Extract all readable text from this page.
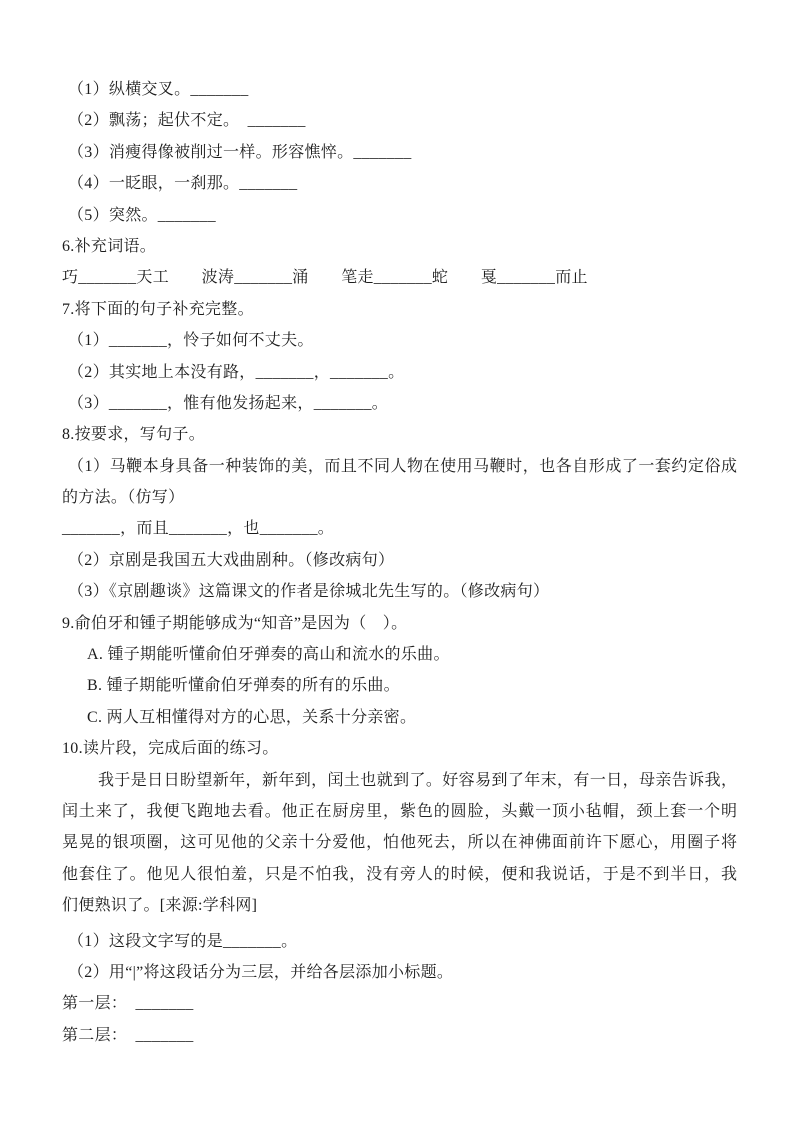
（1）纵横交叉。_______
（2）飘荡；起伏不定。　_______
（3）消瘦得像被削过一样。形容憔悴。_______
（4）一眨眼，一刹那。_______
（5）突然。_______
6.补充词语。
巧_______天工　　波涛_______涌　　笔走_______蛇　　戛_______而止
7.将下面的句子补充完整。
（1）_______，怜子如何不丈夫。
（2）其实地上本没有路，_______，_______。
（3）_______，惟有他发扬起来，_______。
8.按要求，写句子。
（1）马鞭本身具备一种装饰的美，而且不同人物在使用马鞭时，也各自形成了一套约定俗成
的方法。（仿写）
_______，而且_______，也_______。
（2）京剧是我国五大戏曲剧种。（修改病句）
（3）《京剧趣谈》这篇课文的作者是徐城北先生写的。（修改病句）
9.俞伯牙和锺子期能够成为“知音”是因为（　）。
A. 锺子期能听懂俞伯牙弹奏的高山和流水的乐曲。
B. 锺子期能听懂俞伯牙弹奏的所有的乐曲。
C. 两人互相懂得对方的心思，关系十分亲密。
10.读片段，完成后面的练习。
我于是日日盼望新年，新年到，闰土也就到了。好容易到了年末，有一日，母亲告诉我，
闰土来了，我便飞跑地去看。他正在厨房里，紫色的圆脸，头戴一顶小毡帽，颈上套一个明
晃晃的银项圈，这可见他的父亲十分爱他，怕他死去，所以在神佛面前许下愿心，用圈子将
他套住了。他见人很怕羞，只是不怕我，没有旁人的时候，便和我说话，于是不到半日，我
们便熟识了。[来源:学科网]
（1）这段文字写的是_______。
（2）用“|”将这段话分为三层，并给各层添加小标题。
第一层：　_______
第二层：　_______
